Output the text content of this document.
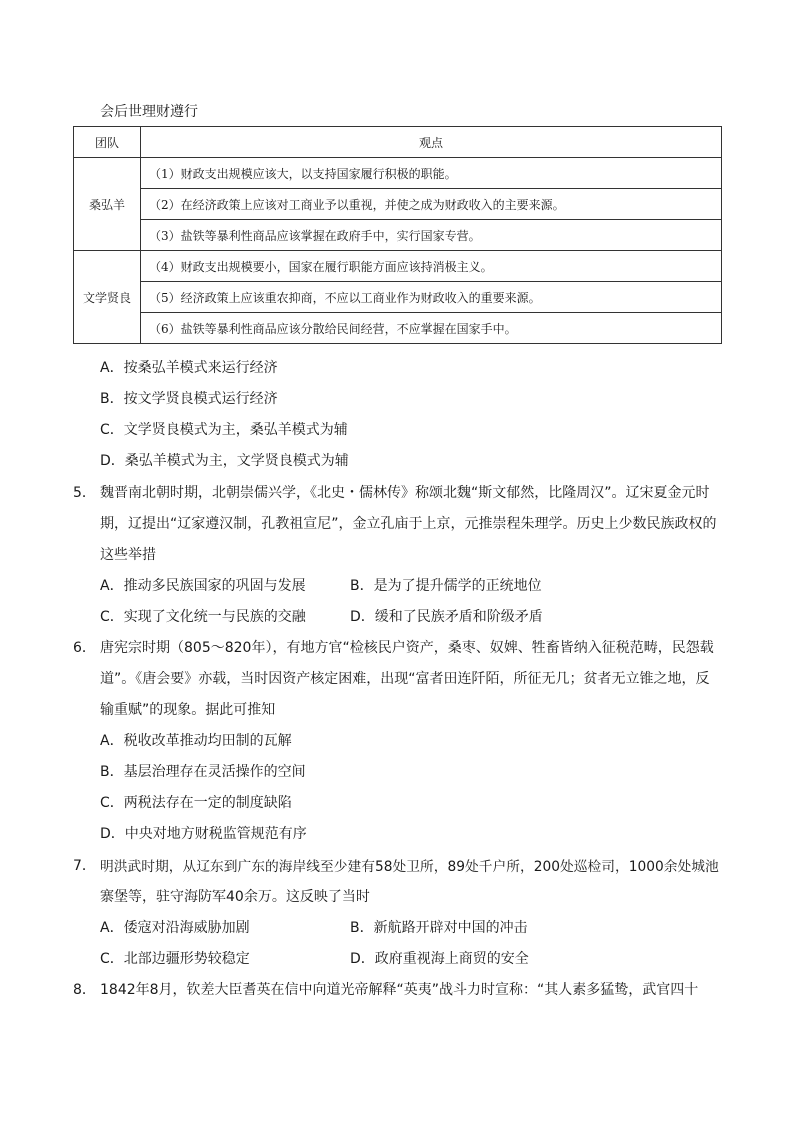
会后世理财遵行
团队	观点
桑弘羊	（1）财政支出规模应该大，以支持国家履行积极的职能。
	（2）在经济政策上应该对工商业予以重视，并使之成为财政收入的主要来源。
	（3）盐铁等暴利性商品应该掌握在政府手中，实行国家专营。
文学贤良	（4）财政支出规模要小，国家在履行职能方面应该持消极主义。
	（5）经济政策上应该重农抑商，不应以工商业作为财政收入的重要来源。
	（6）盐铁等暴利性商品应该分散给民间经营，不应掌握在国家手中。
A．按桑弘羊模式来运行经济
B．按文学贤良模式运行经济
C．文学贤良模式为主，桑弘羊模式为辅
D．桑弘羊模式为主，文学贤良模式为辅
5． 魏晋南北朝时期，北朝崇儒兴学，《北史・儒林传》称颂北魏“斯文郁然，比隆周汉”。辽宋夏金元时
期，辽提出“辽家遵汉制，孔教祖宣尼”，金立孔庙于上京，元推崇程朱理学。历史上少数民族政权的
这些举措
A．推动多民族国家的巩固与发展	B．是为了提升儒学的正统地位
C．实现了文化统一与民族的交融	D．缓和了民族矛盾和阶级矛盾
6． 唐宪宗时期（805～820年），有地方官“检核民户资产，桑枣、奴婢、牲畜皆纳入征税范畴，民怨载
道”。《唐会要》亦载，当时因资产核定困难，出现“富者田连阡陌，所征无几；贫者无立锥之地，反
输重赋”的现象。据此可推知
A．税收改革推动均田制的瓦解
B．基层治理存在灵活操作的空间
C．两税法存在一定的制度缺陷
D．中央对地方财税监管规范有序
7． 明洪武时期，从辽东到广东的海岸线至少建有58处卫所，89处千户所，200处巡检司，1000余处城池
寨堡等，驻守海防军40余万。这反映了当时
A．倭寇对沿海威胁加剧	B．新航路开辟对中国的冲击
C．北部边疆形势较稳定	D．政府重视海上商贸的安全
8． 1842年8月，钦差大臣耆英在信中向道光帝解释“英夷”战斗力时宣称：“其人素多猛鸷，武官四十
